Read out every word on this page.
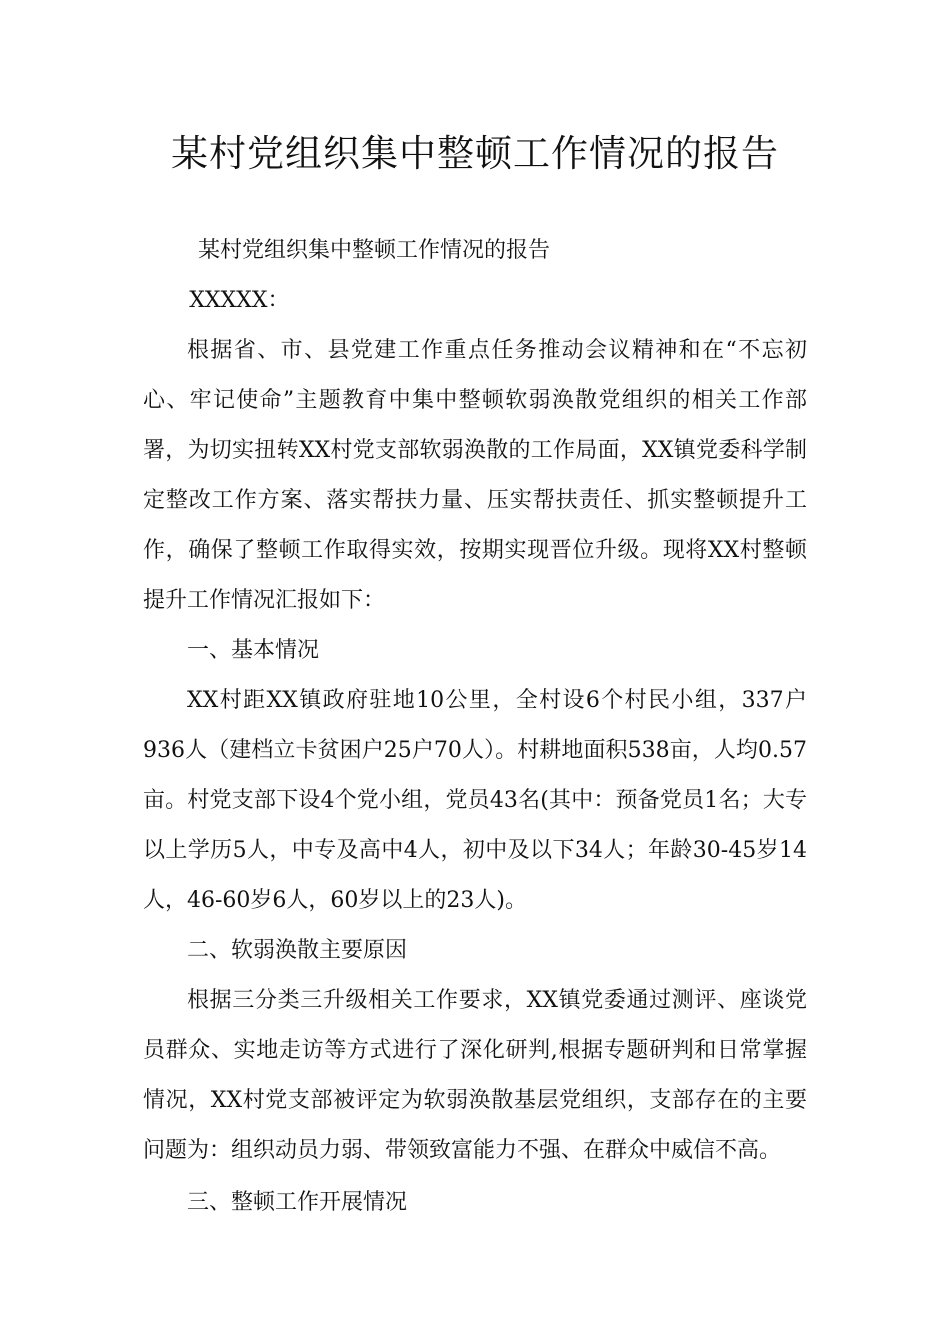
某村党组织集中整顿工作情况的报告

某村党组织集中整顿工作情况的报告

XXXXX：

根据省、市、县党建工作重点任务推动会议精神和在“不忘初心、牢记使命”主题教育中集中整顿软弱涣散党组织的相关工作部署，为切实扭转XX村党支部软弱涣散的工作局面，XX镇党委科学制定整改工作方案、落实帮扶力量、压实帮扶责任、抓实整顿提升工作，确保了整顿工作取得实效，按期实现晋位升级。现将XX村整顿提升工作情况汇报如下：

一、基本情况

XX村距XX镇政府驻地10公里，全村设6个村民小组，337户936人（建档立卡贫困户25户70人）。村耕地面积538亩，人均0.57亩。村党支部下设4个党小组，党员43名(其中：预备党员1名；大专以上学历5人，中专及高中4人，初中及以下34人；年龄30-45岁14人，46-60岁6人，60岁以上的23人)。

二、软弱涣散主要原因

根据三分类三升级相关工作要求，XX镇党委通过测评、座谈党员群众、实地走访等方式进行了深化研判,根据专题研判和日常掌握情况，XX村党支部被评定为软弱涣散基层党组织，支部存在的主要问题为：组织动员力弱、带领致富能力不强、在群众中威信不高。

三、整顿工作开展情况
